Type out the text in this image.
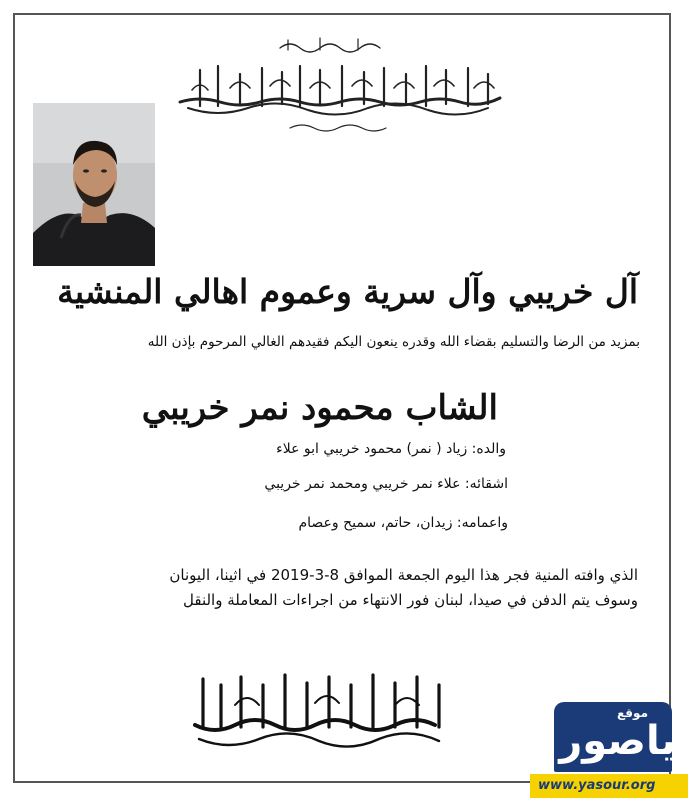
آل خريبي وآل سرية وعموم اهالي المنشية
بمزيد من الرضا والتسليم بقضاء الله وقدره ينعون اليكم فقيدهم الغالي المرحوم بإذن الله
الشاب محمود نمر خريبي
والده: زياد ( نمر) محمود خريبي ابو علاء
اشقائه: علاء نمر خريبي ومحمد نمر خريبي
واعمامه: زيدان، حاتم، سميح وعصام
الذي وافته المنية فجر هذا اليوم الجمعة الموافق 8-3-2019 في اثينا، اليونان
وسوف يتم الدفن في صيدا، لبنان فور الانتهاء من اجراءات المعاملة والنقل
موقع
ياصور
www.yasour.org
